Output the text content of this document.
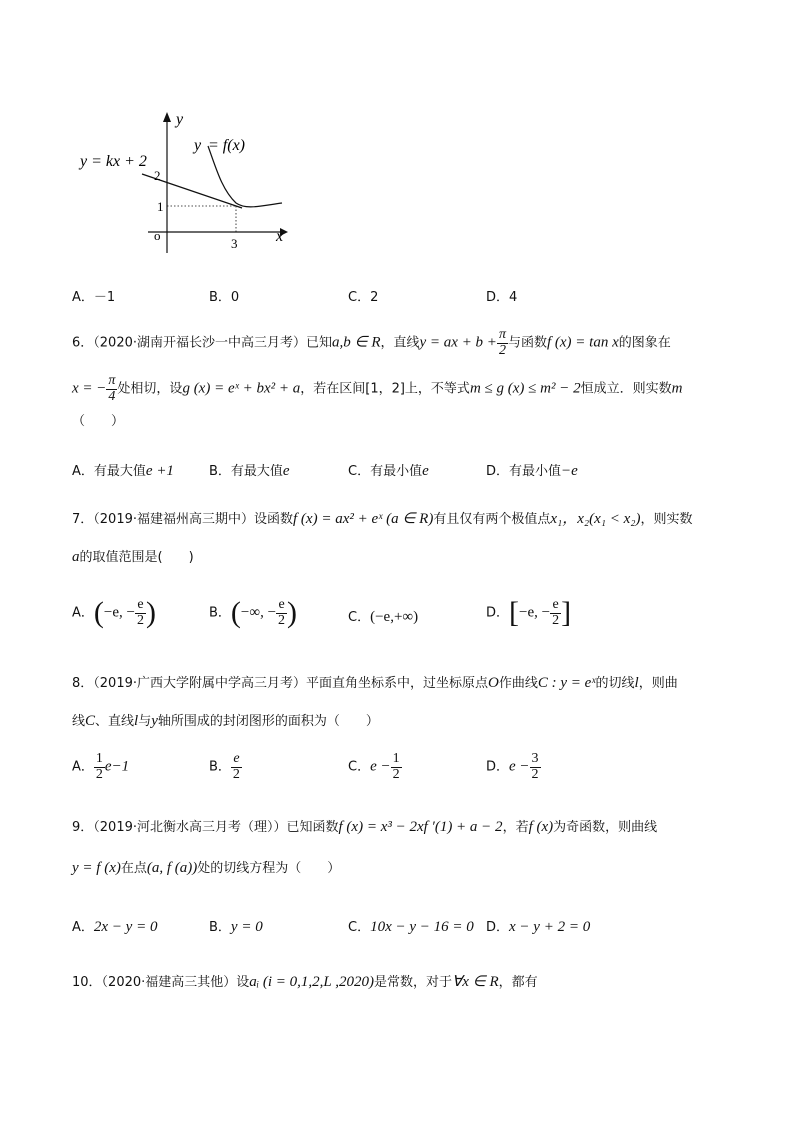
y
x
o
y = kx + 2
y = f(x)
2
1
3
A．－1	B．0	C．2	D．4
6．（2020·湖南开福长沙一中高三月考）已知a,b ∈ R，直线y = ax + $b + \frac{\pi}{2}$ 与函数f (x) = tan x的图象在
x = − $\frac{\pi}{4}$ 处相切，设g (x) = eˣ + bx² + a，若在区间[1，2]上，不等式m ≤ g (x) ≤ m² − 2恒成立．则实数m
（　　）
A．有最大值e +1	B．有最大值e	C．有最小值e	D．有最小值−e
7．（2019·福建福州高三期中）设函数f (x) = ax² + eˣ (a ∈ R)有且仅有两个极值点x₁，x₂(x₁ < x₂)，则实数
a的取值范围是(　　)
A．(−e, − $\frac{e}{2}$ )	B．(−∞, − $\frac{e}{2}$ )	C．(−e,+∞)	D．[−e, − $\frac{e}{2}$ ]
8．（2019·广西大学附属中学高三月考）平面直角坐标系中，过坐标原点O作曲线C : y = eˣ的切线l，则曲
线C、直线l与y轴所围成的封闭图形的面积为（　　）
A． $\frac{1}{2} e-1$	B． $\frac{e}{2}$	C．$e - \frac{1}{2}$	D．$e - \frac{3}{2}$
9．（2019·河北衡水高三月考（理））已知函数f (x) = x³ − 2xf ′(1) + a − 2，若f (x)为奇函数，则曲线
y = f (x)在点(a, f (a))处的切线方程为（　　）
A．2x − y = 0	B．y = 0	C．10x − y − 16 = 0 D．x − y + 2 = 0
10．（2020·福建高三其他）设aᵢ (i = 0,1,2,L ,2020)是常数，对于∀x ∈ R，都有
